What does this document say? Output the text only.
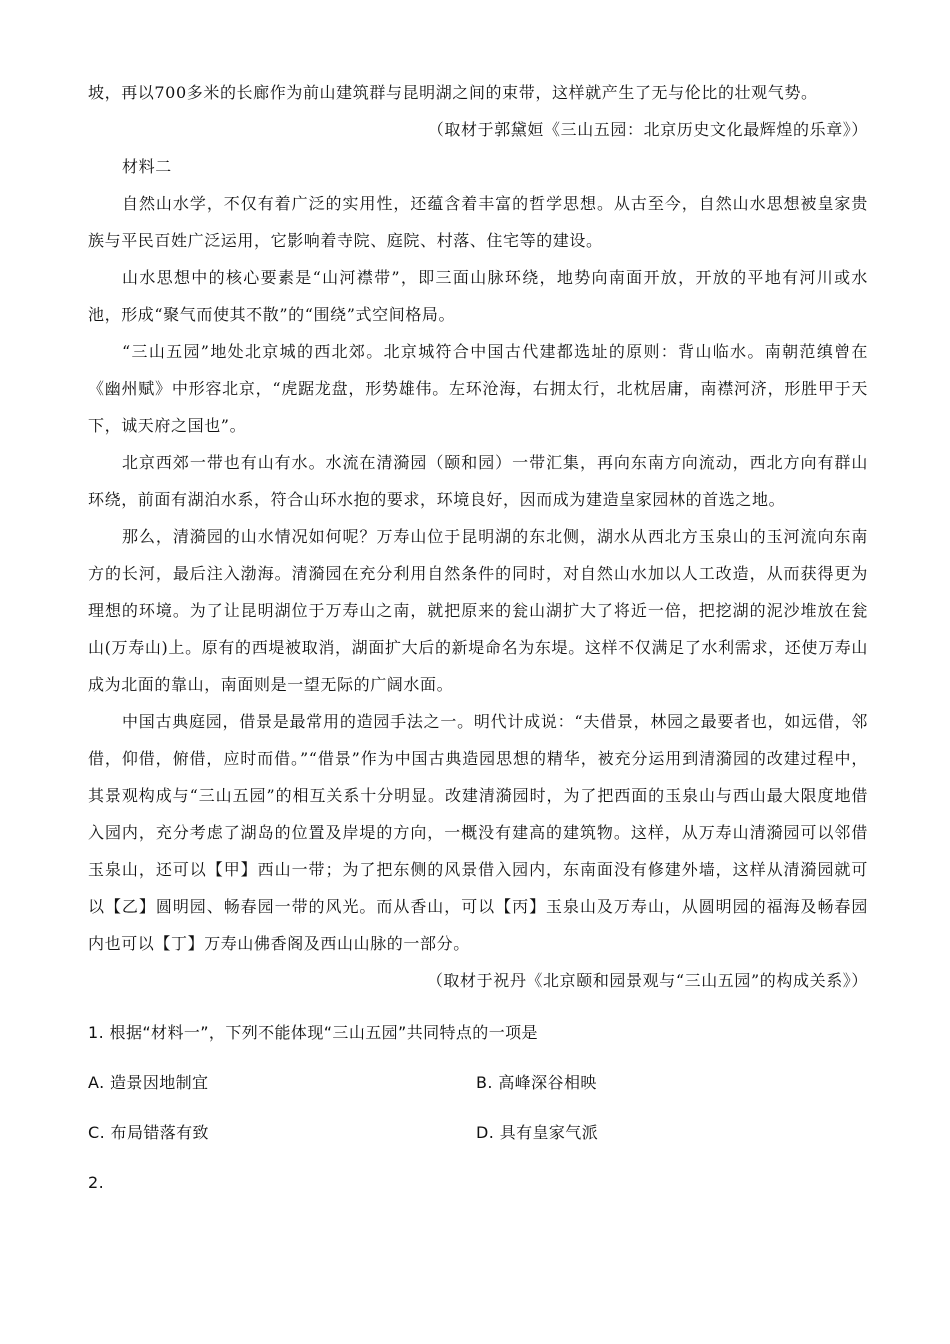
坡，再以700多米的长廊作为前山建筑群与昆明湖之间的束带，这样就产生了无与伦比的壮观气势。

（取材于郭黛姮《三山五园：北京历史文化最辉煌的乐章》）

材料二

自然山水学，不仅有着广泛的实用性，还蕴含着丰富的哲学思想。从古至今，自然山水思想被皇家贵族与平民百姓广泛运用，它影响着寺院、庭院、村落、住宅等的建设。

山水思想中的核心要素是“山河襟带”，即三面山脉环绕，地势向南面开放，开放的平地有河川或水池，形成“聚气而使其不散”的“围绕”式空间格局。

“三山五园”地处北京城的西北郊。北京城符合中国古代建都选址的原则：背山临水。南朝范缜曾在《幽州赋》中形容北京，“虎踞龙盘，形势雄伟。左环沧海，右拥太行，北枕居庸，南襟河济，形胜甲于天下，诚天府之国也”。

北京西郊一带也有山有水。水流在清漪园（颐和园）一带汇集，再向东南方向流动，西北方向有群山环绕，前面有湖泊水系，符合山环水抱的要求，环境良好，因而成为建造皇家园林的首选之地。

那么，清漪园的山水情况如何呢？万寿山位于昆明湖的东北侧，湖水从西北方玉泉山的玉河流向东南方的长河，最后注入渤海。清漪园在充分利用自然条件的同时，对自然山水加以人工改造，从而获得更为理想的环境。为了让昆明湖位于万寿山之南，就把原来的瓮山湖扩大了将近一倍，把挖湖的泥沙堆放在瓮山(万寿山)上。原有的西堤被取消，湖面扩大后的新堤命名为东堤。这样不仅满足了水利需求，还使万寿山成为北面的靠山，南面则是一望无际的广阔水面。

中国古典庭园，借景是最常用的造园手法之一。明代计成说：“夫借景，林园之最要者也，如远借，邻借，仰借，俯借，应时而借。”“借景”作为中国古典造园思想的精华，被充分运用到清漪园的改建过程中，其景观构成与“三山五园”的相互关系十分明显。改建清漪园时，为了把西面的玉泉山与西山最大限度地借入园内，充分考虑了湖岛的位置及岸堤的方向，一概没有建高的建筑物。这样，从万寿山清漪园可以邻借玉泉山，还可以【甲】西山一带；为了把东侧的风景借入园内，东南面没有修建外墙，这样从清漪园就可以【乙】圆明园、畅春园一带的风光。而从香山，可以【丙】玉泉山及万寿山，从圆明园的福海及畅春园内也可以【丁】万寿山佛香阁及西山山脉的一部分。

（取材于祝丹《北京颐和园景观与“三山五园”的构成关系》）

1. 根据“材料一”，下列不能体现“三山五园”共同特点的一项是

A. 造景因地制宜	B. 高峰深谷相映
C. 布局错落有致	D. 具有皇家气派

2.
